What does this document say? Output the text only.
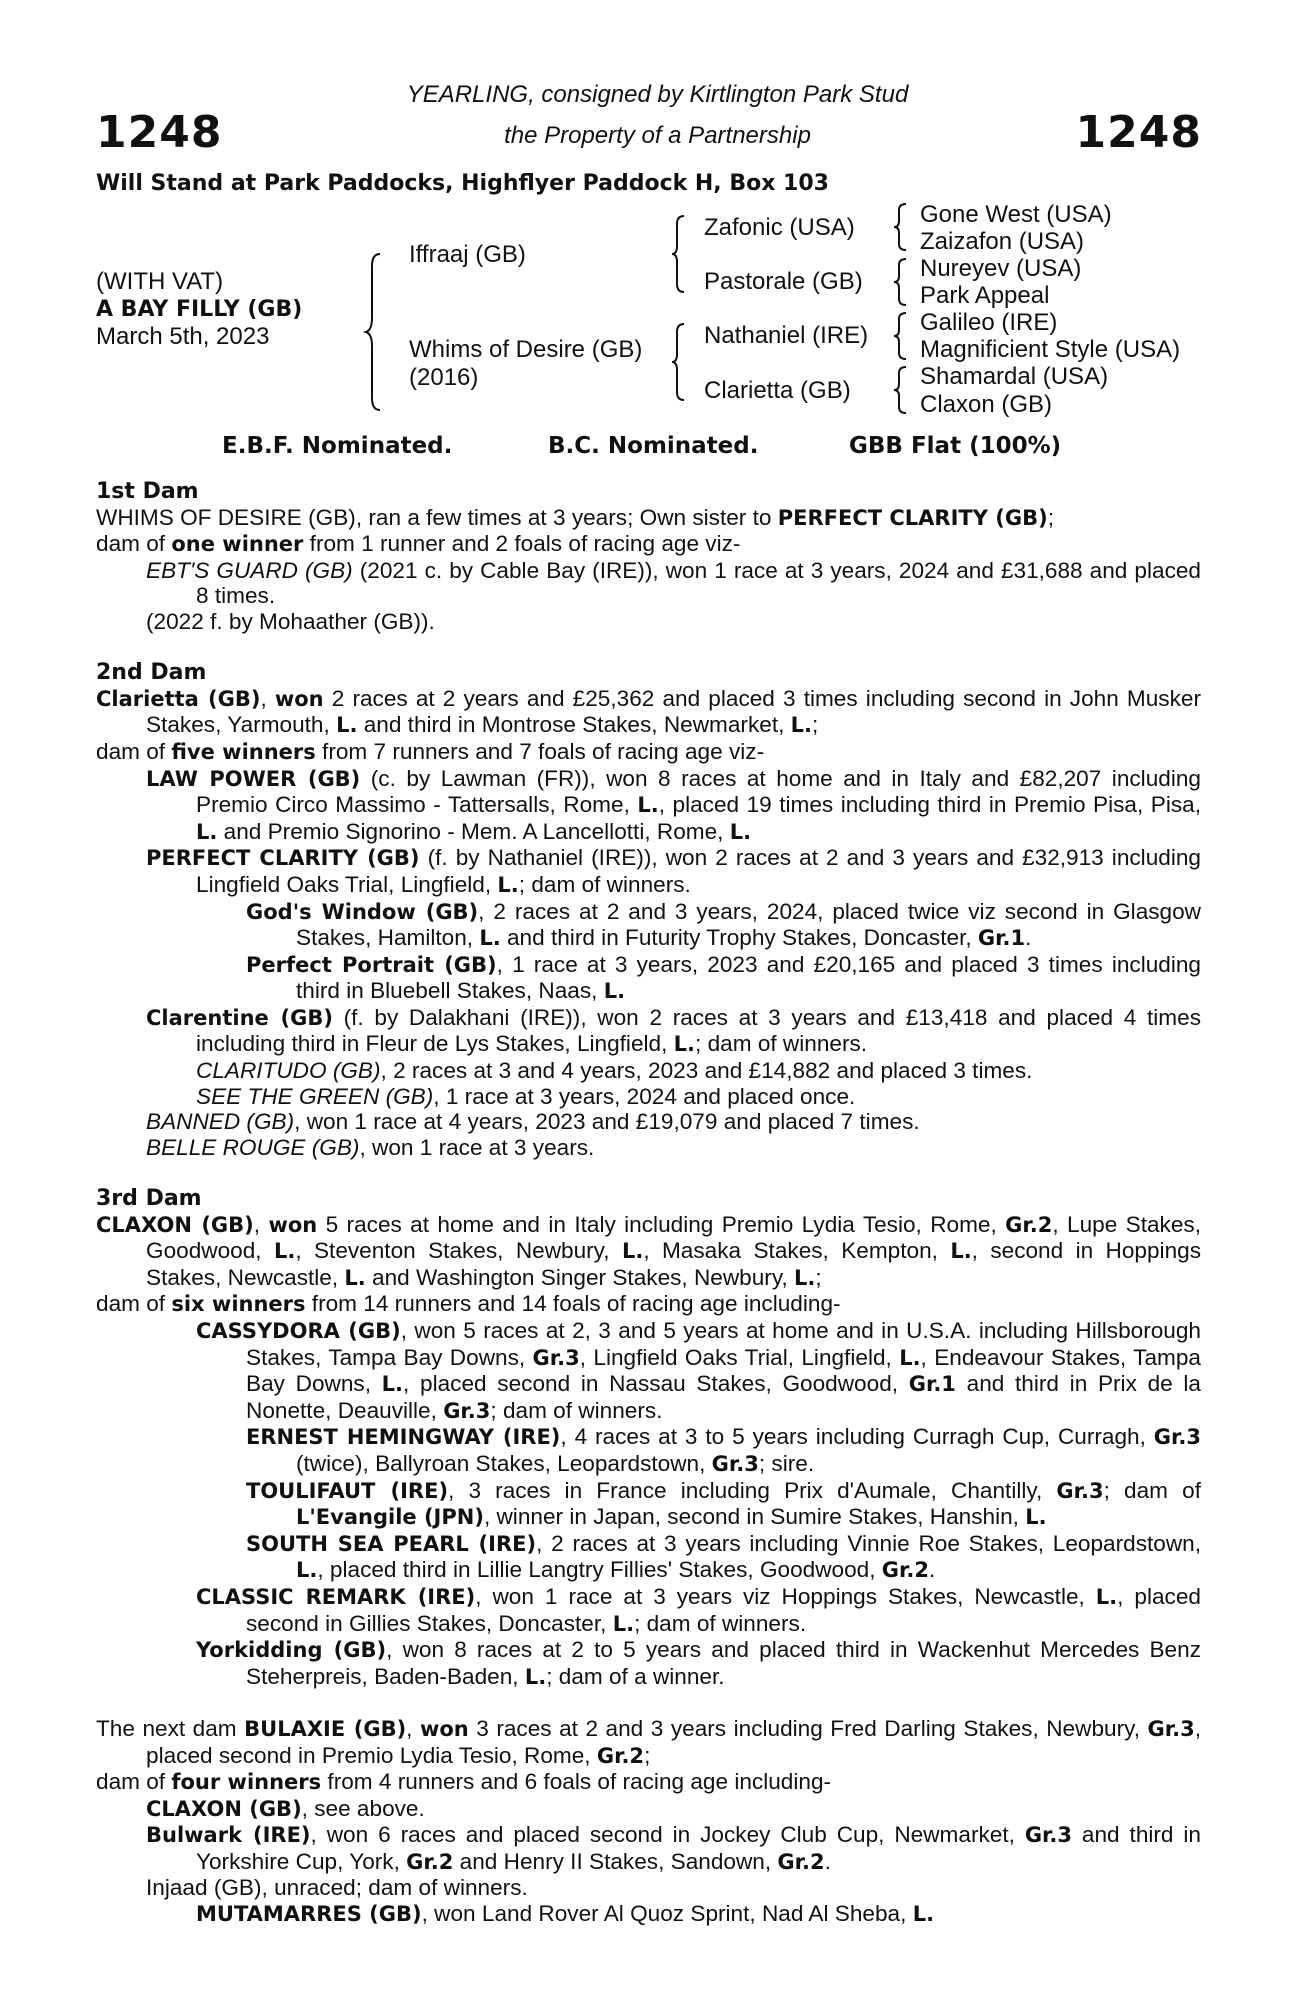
1248	1248
YEARLING, consigned by Kirtlington Park Stud
the Property of a Partnership
Will Stand at Park Paddocks, Highflyer Paddock H, Box 103
(WITH VAT)
A BAY FILLY (GB)
March 5th, 2023
Iffraaj (GB)
Whims of Desire (GB)
(2016)
Zafonic (USA)
Pastorale (GB)
Nathaniel (IRE)
Clarietta (GB)
Gone West (USA)
Zaizafon (USA)
Nureyev (USA)
Park Appeal
Galileo (IRE)
Magnificient Style (USA)
Shamardal (USA)
Claxon (GB)
E.B.F. Nominated.	B.C. Nominated.	GBB Flat (100%)

1st Dam

WHIMS OF DESIRE (GB), ran a few times at 3 years; Own sister to PERFECT CLARITY (GB);

dam of one winner from 1 runner and 2 foals of racing age viz-

EBT'S GUARD (GB) (2021 c. by Cable Bay (IRE)), won 1 race at 3 years, 2024 and £31,688 and placed 8 times.

(2022 f. by Mohaather (GB)).

2nd Dam

Clarietta (GB), won 2 races at 2 years and £25,362 and placed 3 times including second in John Musker Stakes, Yarmouth, L. and third in Montrose Stakes, Newmarket, L.;

dam of five winners from 7 runners and 7 foals of racing age viz-

LAW POWER (GB) (c. by Lawman (FR)), won 8 races at home and in Italy and £82,207 including Premio Circo Massimo - Tattersalls, Rome, L., placed 19 times including third in Premio Pisa, Pisa, L. and Premio Signorino - Mem. A Lancellotti, Rome, L.

PERFECT CLARITY (GB) (f. by Nathaniel (IRE)), won 2 races at 2 and 3 years and £32,913 including Lingfield Oaks Trial, Lingfield, L.; dam of winners.

God's Window (GB), 2 races at 2 and 3 years, 2024, placed twice viz second in Glasgow Stakes, Hamilton, L. and third in Futurity Trophy Stakes, Doncaster, Gr.1.

Perfect Portrait (GB), 1 race at 3 years, 2023 and £20,165 and placed 3 times including third in Bluebell Stakes, Naas, L.

Clarentine (GB) (f. by Dalakhani (IRE)), won 2 races at 3 years and £13,418 and placed 4 times including third in Fleur de Lys Stakes, Lingfield, L.; dam of winners.

CLARITUDO (GB), 2 races at 3 and 4 years, 2023 and £14,882 and placed 3 times.

SEE THE GREEN (GB), 1 race at 3 years, 2024 and placed once.

BANNED (GB), won 1 race at 4 years, 2023 and £19,079 and placed 7 times.

BELLE ROUGE (GB), won 1 race at 3 years.

3rd Dam

CLAXON (GB), won 5 races at home and in Italy including Premio Lydia Tesio, Rome, Gr.2, Lupe Stakes, Goodwood, L., Steventon Stakes, Newbury, L., Masaka Stakes, Kempton, L., second in Hoppings Stakes, Newcastle, L. and Washington Singer Stakes, Newbury, L.;

dam of six winners from 14 runners and 14 foals of racing age including-

CASSYDORA (GB), won 5 races at 2, 3 and 5 years at home and in U.S.A. including Hillsborough Stakes, Tampa Bay Downs, Gr.3, Lingfield Oaks Trial, Lingfield, L., Endeavour Stakes, Tampa Bay Downs, L., placed second in Nassau Stakes, Goodwood, Gr.1 and third in Prix de la Nonette, Deauville, Gr.3; dam of winners.

ERNEST HEMINGWAY (IRE), 4 races at 3 to 5 years including Curragh Cup, Curragh, Gr.3 (twice), Ballyroan Stakes, Leopardstown, Gr.3; sire.

TOULIFAUT (IRE), 3 races in France including Prix d'Aumale, Chantilly, Gr.3; dam of L'Evangile (JPN), winner in Japan, second in Sumire Stakes, Hanshin, L.

SOUTH SEA PEARL (IRE), 2 races at 3 years including Vinnie Roe Stakes, Leopardstown, L., placed third in Lillie Langtry Fillies' Stakes, Goodwood, Gr.2.

CLASSIC REMARK (IRE), won 1 race at 3 years viz Hoppings Stakes, Newcastle, L., placed second in Gillies Stakes, Doncaster, L.; dam of winners.

Yorkidding (GB), won 8 races at 2 to 5 years and placed third in Wackenhut Mercedes Benz Steherpreis, Baden-Baden, L.; dam of a winner.

The next dam BULAXIE (GB), won 3 races at 2 and 3 years including Fred Darling Stakes, Newbury, Gr.3, placed second in Premio Lydia Tesio, Rome, Gr.2;

dam of four winners from 4 runners and 6 foals of racing age including-

CLAXON (GB), see above.

Bulwark (IRE), won 6 races and placed second in Jockey Club Cup, Newmarket, Gr.3 and third in Yorkshire Cup, York, Gr.2 and Henry II Stakes, Sandown, Gr.2.

Injaad (GB), unraced; dam of winners.

MUTAMARRES (GB), won Land Rover Al Quoz Sprint, Nad Al Sheba, L.
